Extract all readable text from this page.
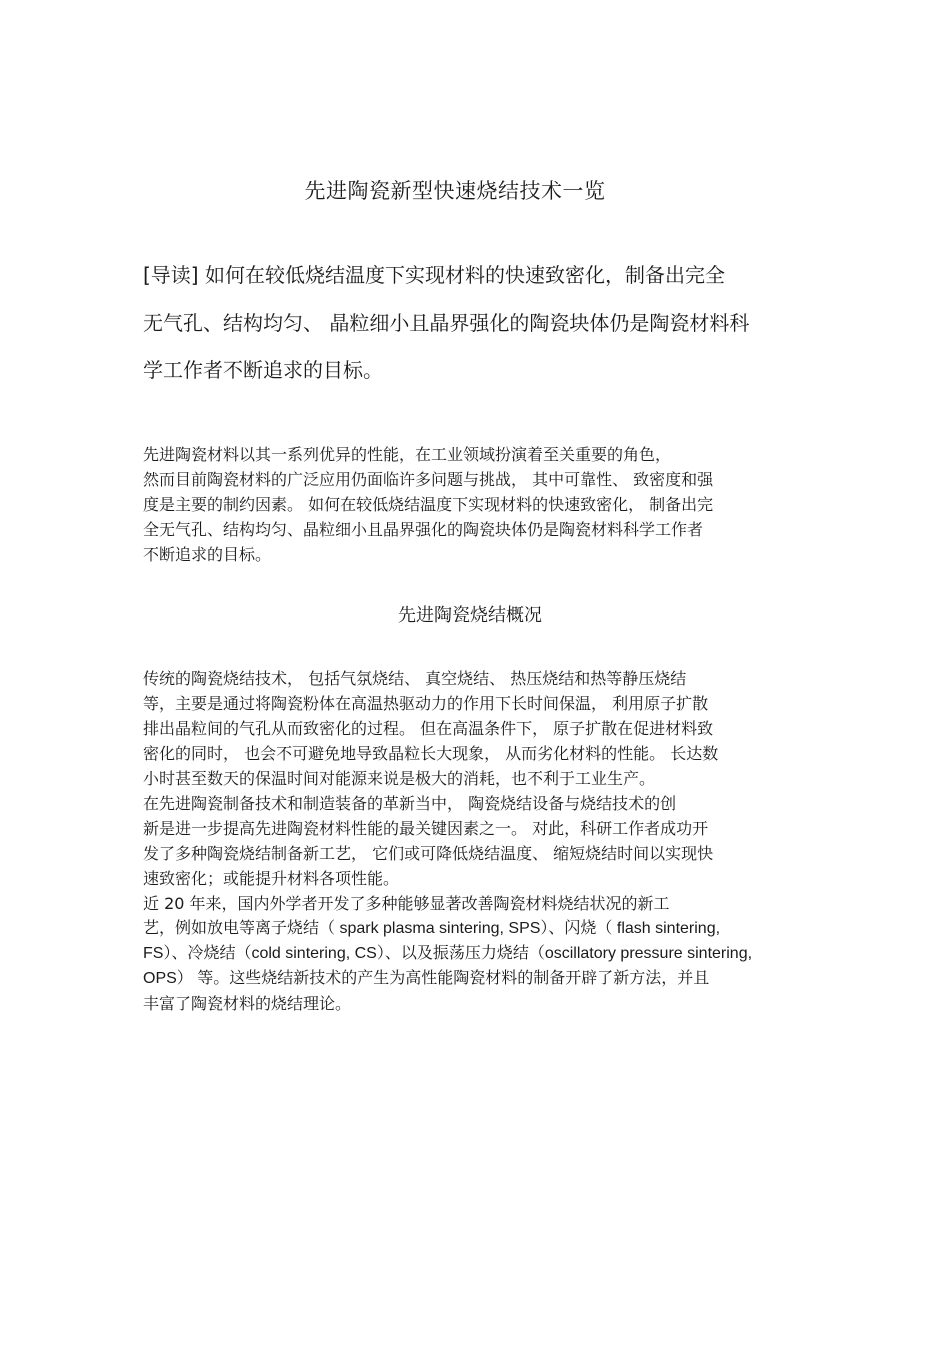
先进陶瓷新型快速烧结技术一览

[导读] 如何在较低烧结温度下实现材料的快速致密化，制备出完全
无气孔、结构均匀、 晶粒细小且晶界强化的陶瓷块体仍是陶瓷材料科
学工作者不断追求的目标。

先进陶瓷材料以其一系列优异的性能，在工业领域扮演着至关重要的角色，
然而目前陶瓷材料的广泛应用仍面临许多问题与挑战， 其中可靠性、 致密度和强
度是主要的制约因素。 如何在较低烧结温度下实现材料的快速致密化， 制备出完
全无气孔、结构均匀、晶粒细小且晶界强化的陶瓷块体仍是陶瓷材料科学工作者
不断追求的目标。

先进陶瓷烧结概况

传统的陶瓷烧结技术， 包括气氛烧结、 真空烧结、 热压烧结和热等静压烧结
等，主要是通过将陶瓷粉体在高温热驱动力的作用下长时间保温， 利用原子扩散
排出晶粒间的气孔从而致密化的过程。 但在高温条件下， 原子扩散在促进材料致
密化的同时， 也会不可避免地导致晶粒长大现象， 从而劣化材料的性能。 长达数
小时甚至数天的保温时间对能源来说是极大的消耗，也不利于工业生产。
在先进陶瓷制备技术和制造装备的革新当中， 陶瓷烧结设备与烧结技术的创
新是进一步提高先进陶瓷材料性能的最关键因素之一。 对此，科研工作者成功开
发了多种陶瓷烧结制备新工艺， 它们或可降低烧结温度、 缩短烧结时间以实现快
速致密化；或能提升材料各项性能。
近 20 年来，国内外学者开发了多种能够显著改善陶瓷材料烧结状况的新工
艺，例如放电等离子烧结（ spark plasma sintering, SPS）、闪烧（ flash sintering,
FS）、冷烧结（cold sintering, CS）、以及振荡压力烧结（oscillatory pressure sintering,
OPS） 等。这些烧结新技术的产生为高性能陶瓷材料的制备开辟了新方法，并且
丰富了陶瓷材料的烧结理论。
